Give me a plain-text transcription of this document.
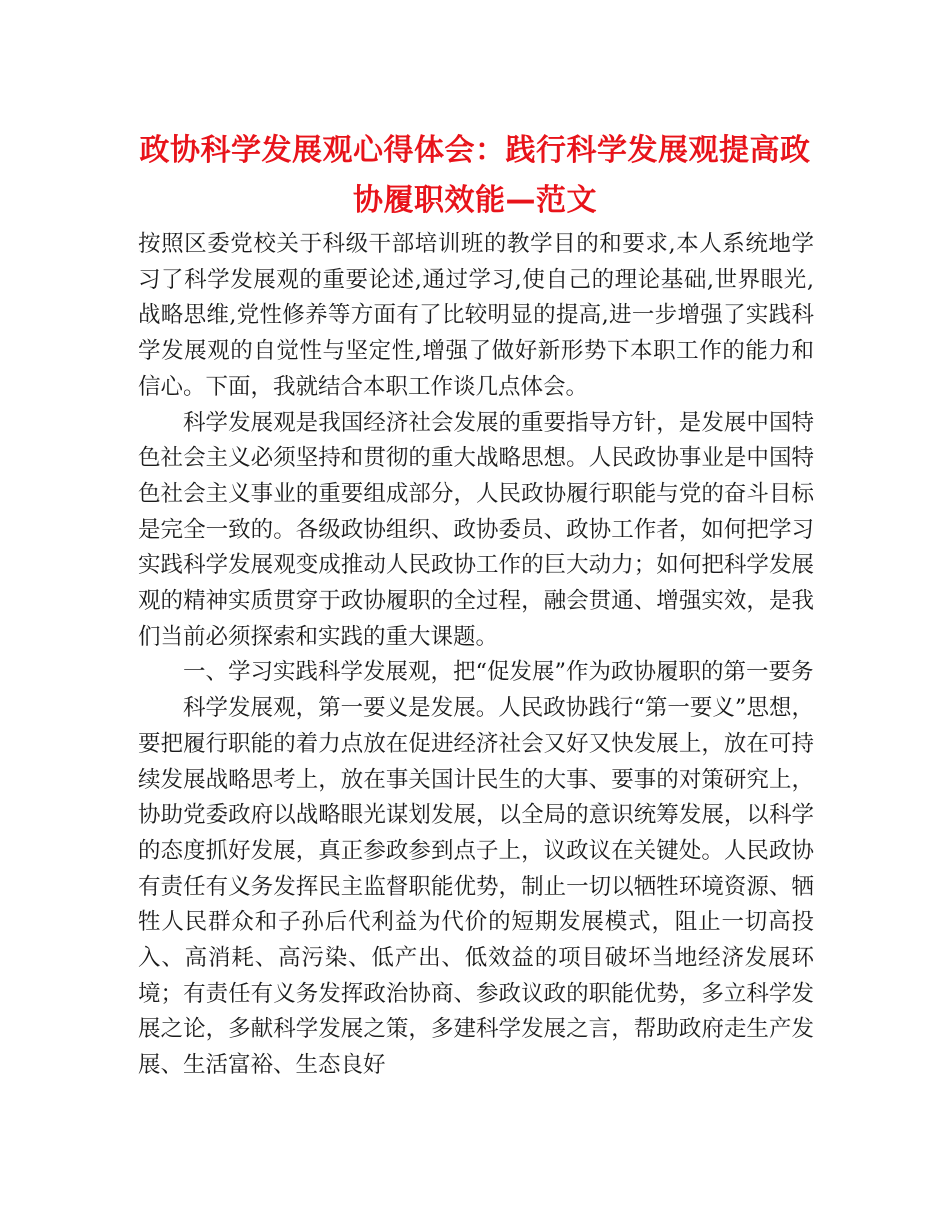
政协科学发展观心得体会：践行科学发展观提高政协履职效能—范文

按照区委党校关于科级干部培训班的教学目的和要求,本人系统地学习了科学发展观的重要论述,通过学习,使自己的理论基础,世界眼光,战略思维,党性修养等方面有了比较明显的提高,进一步增强了实践科学发展观的自觉性与坚定性,增强了做好新形势下本职工作的能力和信心。下面，我就结合本职工作谈几点体会。

科学发展观是我国经济社会发展的重要指导方针，是发展中国特色社会主义必须坚持和贯彻的重大战略思想。人民政协事业是中国特色社会主义事业的重要组成部分，人民政协履行职能与党的奋斗目标是完全一致的。各级政协组织、政协委员、政协工作者，如何把学习实践科学发展观变成推动人民政协工作的巨大动力；如何把科学发展观的精神实质贯穿于政协履职的全过程，融会贯通、增强实效，是我们当前必须探索和实践的重大课题。

一、学习实践科学发展观，把“促发展”作为政协履职的第一要务

科学发展观，第一要义是发展。人民政协践行“第一要义”思想，要把履行职能的着力点放在促进经济社会又好又快发展上，放在可持续发展战略思考上，放在事关国计民生的大事、要事的对策研究上，协助党委政府以战略眼光谋划发展，以全局的意识统筹发展，以科学的态度抓好发展，真正参政参到点子上，议政议在关键处。人民政协有责任有义务发挥民主监督职能优势，制止一切以牺牲环境资源、牺牲人民群众和子孙后代利益为代价的短期发展模式，阻止一切高投入、高消耗、高污染、低产出、低效益的项目破坏当地经济发展环境；有责任有义务发挥政治协商、参政议政的职能优势，多立科学发展之论，多献科学发展之策，多建科学发展之言，帮助政府走生产发展、生活富裕、生态良好
